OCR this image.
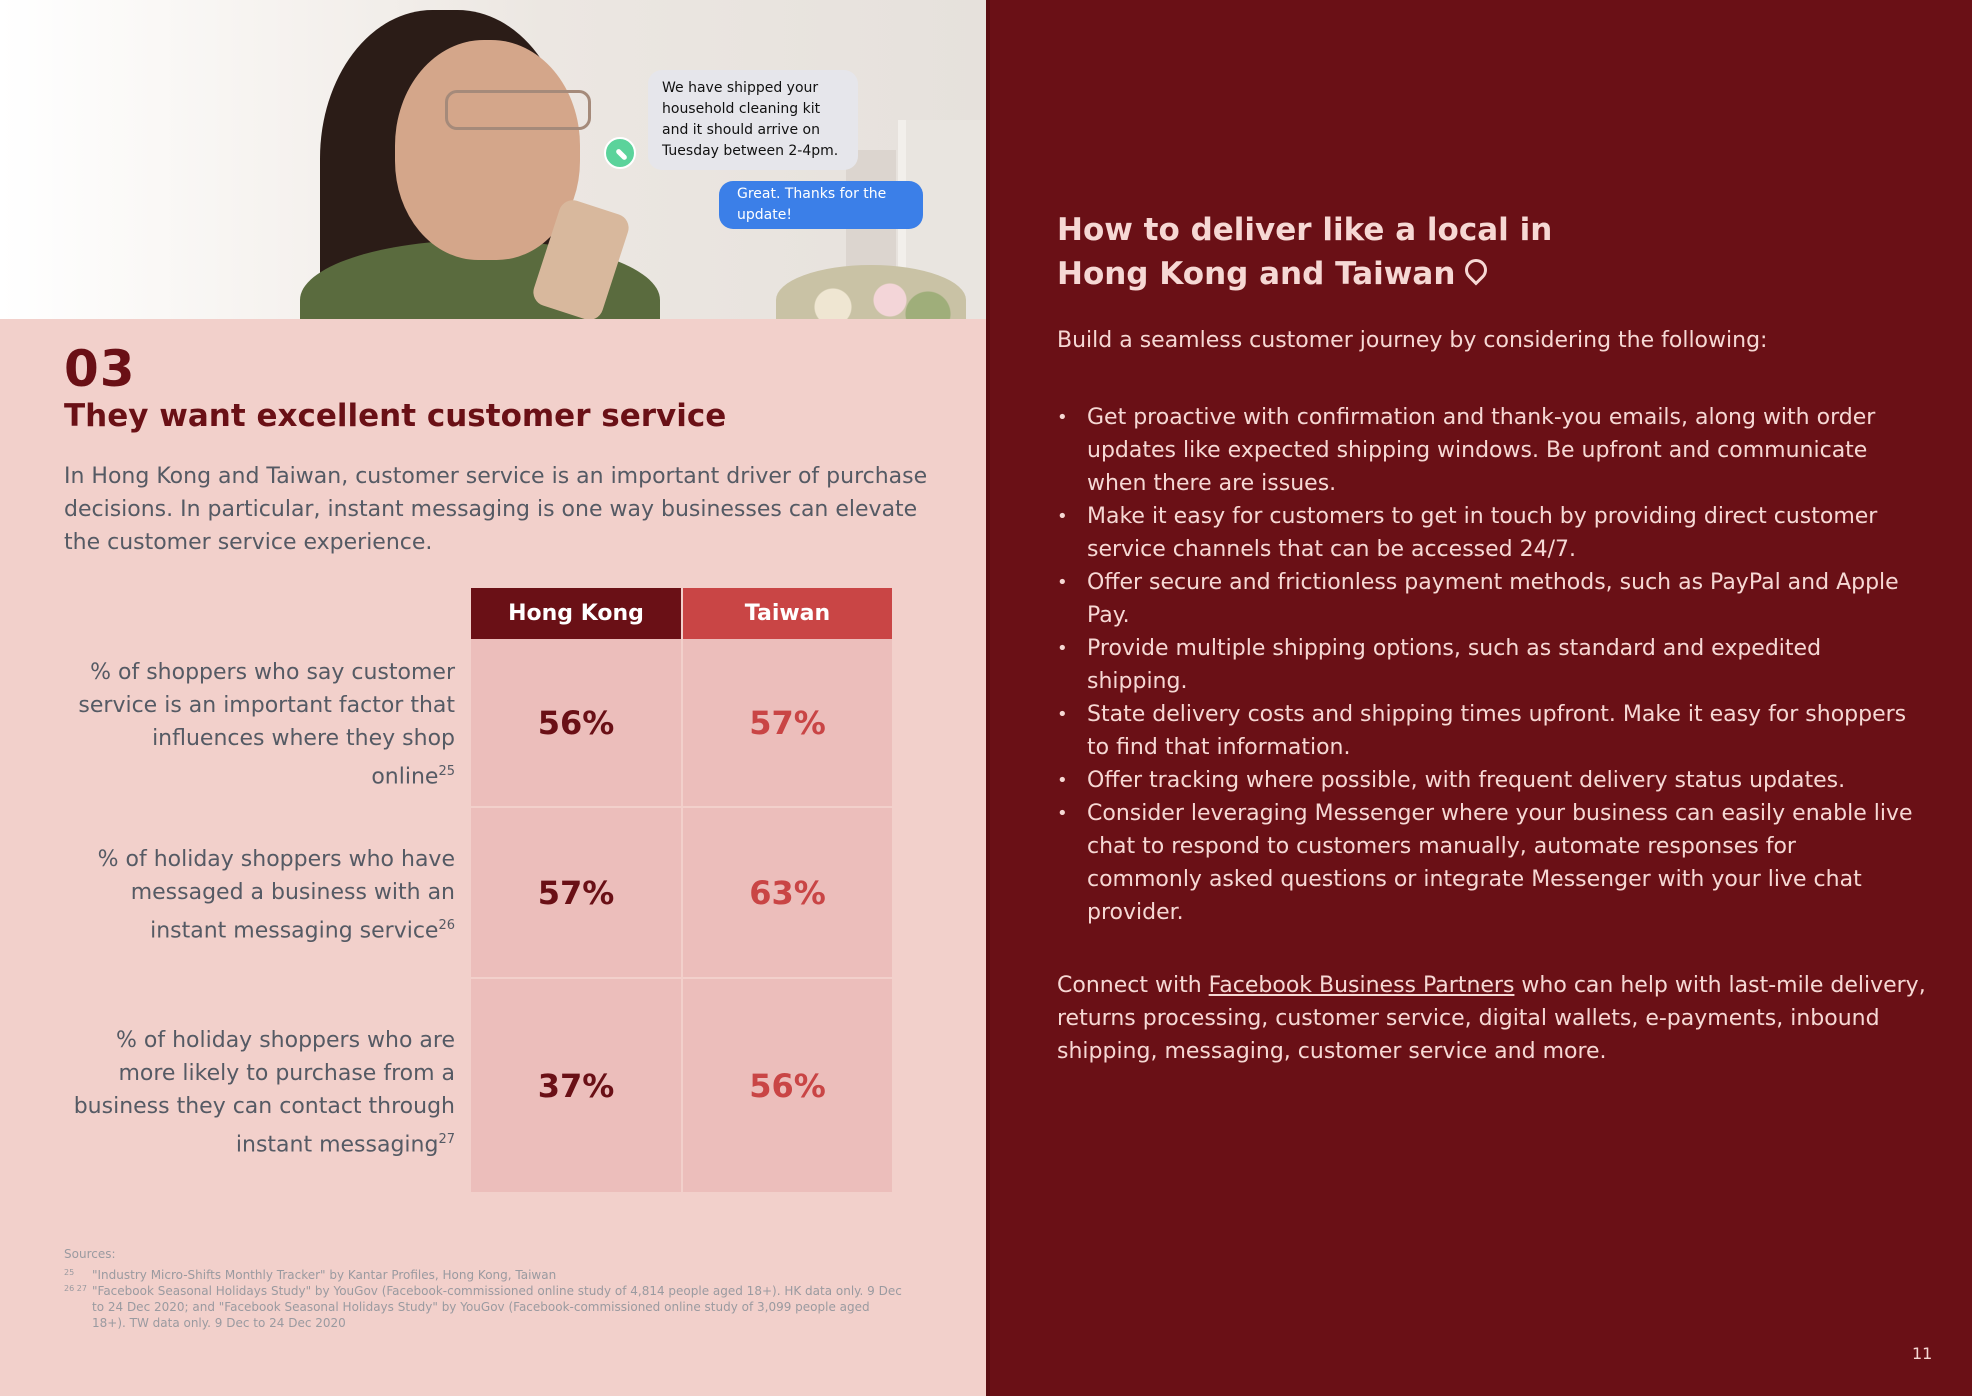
We have shipped your household cleaning kit and it should arrive on Tuesday between 2-4pm.
Great. Thanks for the update!
03
They want excellent customer service
In Hong Kong and Taiwan, customer service is an important driver of purchase decisions. In particular, instant messaging is one way businesses can elevate the customer service experience.
Hong Kong	Taiwan
% of shoppers who say customer service is an important factor that influences where they shop online$^{25}$
56%	57%
% of holiday shoppers who have messaged a business with an instant messaging service$^{26}$
57%	63%
% of holiday shoppers who are more likely to purchase from a business they can contact through instant messaging$^{27}$
37%	56%
Sources:
25 "Industry Micro-Shifts Monthly Tracker" by Kantar Profiles, Hong Kong, Taiwan
26 27 "Facebook Seasonal Holidays Study" by YouGov (Facebook-commissioned online study of 4,814 people aged 18+). HK data only. 9 Dec to 24 Dec 2020; and "Facebook Seasonal Holidays Study" by YouGov (Facebook-commissioned online study of 3,099 people aged 18+). TW data only. 9 Dec to 24 Dec 2020
How to deliver like a local in
Hong Kong and Taiwan
Build a seamless customer journey by considering the following:
• Get proactive with confirmation and thank-you emails, along with order updates like expected shipping windows. Be upfront and communicate when there are issues.
• Make it easy for customers to get in touch by providing direct customer service channels that can be accessed 24/7.
• Offer secure and frictionless payment methods, such as PayPal and Apple Pay.
• Provide multiple shipping options, such as standard and expedited shipping.
• State delivery costs and shipping times upfront. Make it easy for shoppers to find that information.
• Offer tracking where possible, with frequent delivery status updates.
• Consider leveraging Messenger where your business can easily enable live chat to respond to customers manually, automate responses for commonly asked questions or integrate Messenger with your live chat provider.
Connect with Facebook Business Partners who can help with last-mile delivery, returns processing, customer service, digital wallets, e-payments, inbound shipping, messaging, customer service and more.
11
